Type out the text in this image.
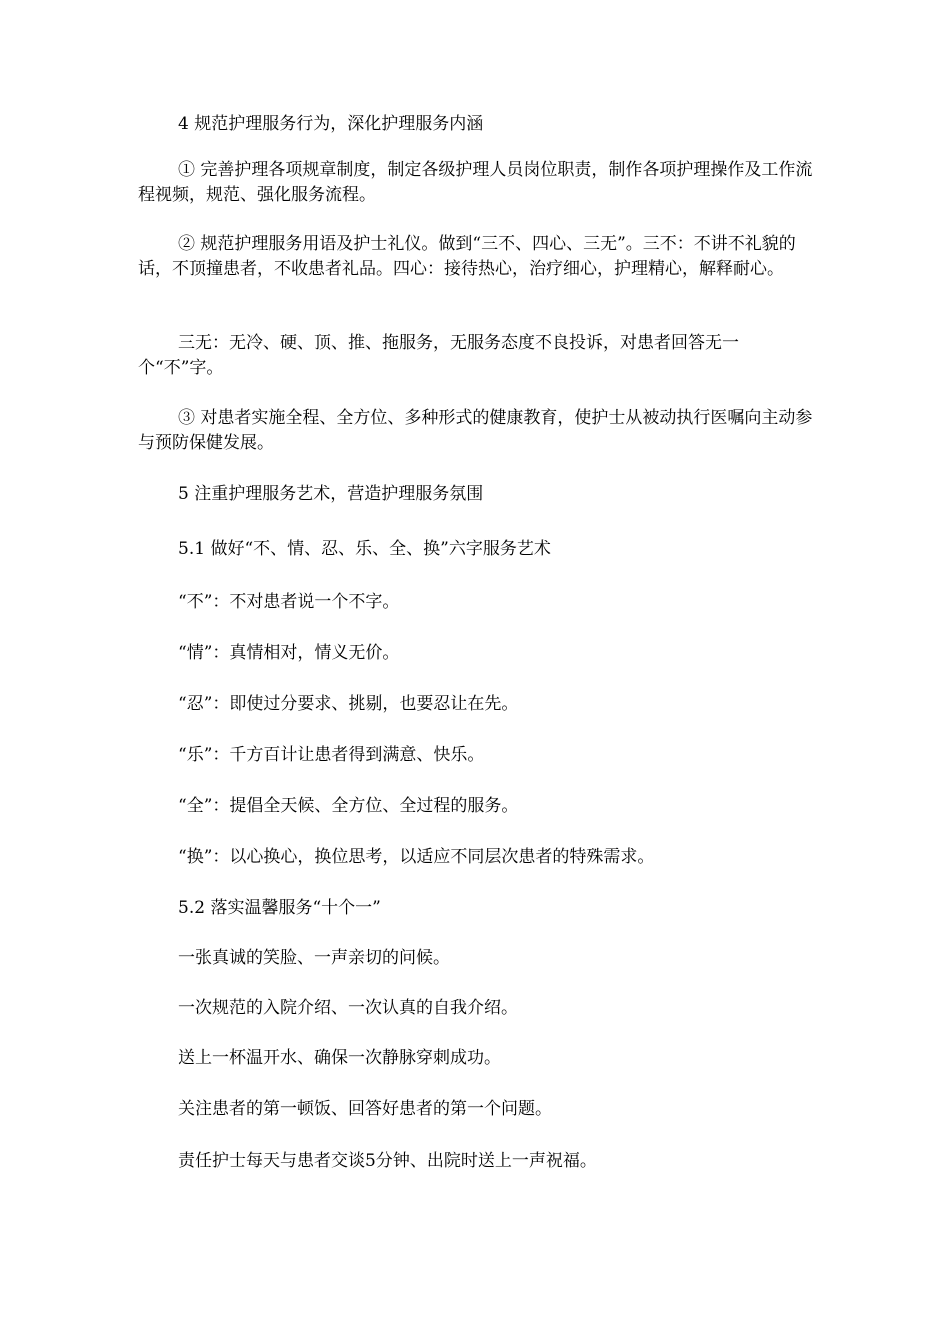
4 规范护理服务行为，深化护理服务内涵

① 完善护理各项规章制度，制定各级护理人员岗位职责，制作各项护理操作及工作流程视频，规范、强化服务流程。

② 规范护理服务用语及护士礼仪。做到“三不、四心、三无”。三不：不讲不礼貌的话，不顶撞患者，不收患者礼品。四心：接待热心，治疗细心，护理精心，解释耐心。

三无：无冷、硬、顶、推、拖服务，无服务态度不良投诉，对患者回答无一个“不”字。

③ 对患者实施全程、全方位、多种形式的健康教育，使护士从被动执行医嘱向主动参与预防保健发展。

5 注重护理服务艺术，营造护理服务氛围

5.1 做好“不、情、忍、乐、全、换”六字服务艺术

“不”：不对患者说一个不字。

“情”：真情相对，情义无价。

“忍”：即使过分要求、挑剔，也要忍让在先。

“乐”：千方百计让患者得到满意、快乐。

“全”：提倡全天候、全方位、全过程的服务。

“换”：以心换心，换位思考，以适应不同层次患者的特殊需求。

5.2 落实温馨服务“十个一”

一张真诚的笑脸、一声亲切的问候。

一次规范的入院介绍、一次认真的自我介绍。

送上一杯温开水、确保一次静脉穿刺成功。

关注患者的第一顿饭、回答好患者的第一个问题。

责任护士每天与患者交谈5分钟、出院时送上一声祝福。
